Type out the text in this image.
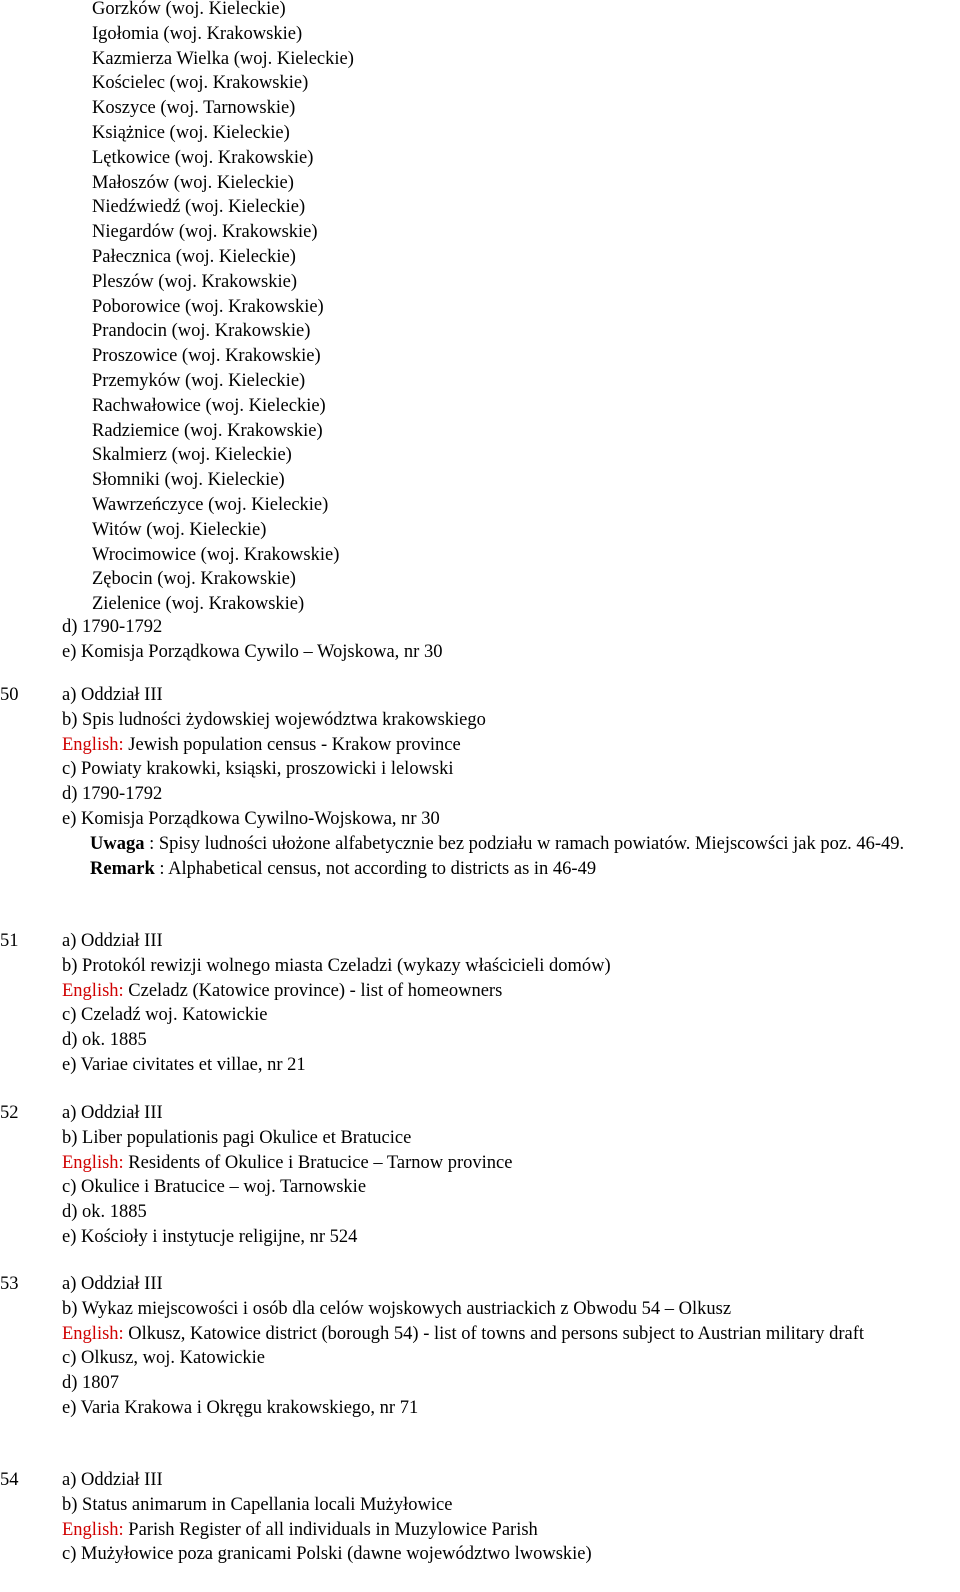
Gorzków (woj. Kieleckie)
Igołomia (woj. Krakowskie)
Kazmierza Wielka (woj. Kieleckie)
Kościelec (woj. Krakowskie)
Koszyce (woj. Tarnowskie)
Książnice (woj. Kieleckie)
Lętkowice (woj. Krakowskie)
Małoszów (woj. Kieleckie)
Niedźwiedź (woj. Kieleckie)
Niegardów (woj. Krakowskie)
Pałecznica (woj. Kieleckie)
Pleszów (woj. Krakowskie)
Poborowice (woj. Krakowskie)
Prandocin (woj. Krakowskie)
Proszowice (woj. Krakowskie)
Przemyków (woj. Kieleckie)
Rachwałowice (woj. Kieleckie)
Radziemice (woj. Krakowskie)
Skalmierz (woj. Kieleckie)
Słomniki (woj. Kieleckie)
Wawrzeńczyce (woj. Kieleckie)
Witów (woj. Kieleckie)
Wrocimowice (woj. Krakowskie)
Zębocin (woj. Krakowskie)
Zielenice (woj. Krakowskie)
d) 1790-1792
e) Komisja Porządkowa Cywilo – Wojskowa, nr 30
50 a) Oddział III
b) Spis ludności żydowskiej województwa krakowskiego
English: Jewish population census - Krakow province
c) Powiaty krakowki, ksiąski, proszowicki i lelowski
d) 1790-1792
e) Komisja Porządkowa Cywilno-Wojskowa, nr 30
Uwaga : Spisy ludności ułożone alfabetycznie bez podziału w ramach powiatów. Miejscowści jak poz. 46-49.
Remark : Alphabetical census, not according to districts as in 46-49
51 a) Oddział III
b) Protokól rewizji wolnego miasta Czeladzi (wykazy właścicieli domów)
English: Czeladz (Katowice province) - list of homeowners
c) Czeladź woj. Katowickie
d) ok. 1885
e) Variae civitates et villae, nr 21
52 a) Oddział III
b) Liber populationis pagi Okulice et Bratucice
English: Residents of Okulice i Bratucice – Tarnow province
c) Okulice i Bratucice – woj. Tarnowskie
d) ok. 1885
e) Kościoły i instytucje religijne, nr 524
53 a) Oddział III
b) Wykaz miejscowości i osób dla celów wojskowych austriackich z Obwodu 54 – Olkusz
English: Olkusz, Katowice district (borough 54) - list of towns and persons subject to Austrian military draft
c) Olkusz, woj. Katowickie
d) 1807
e) Varia Krakowa i Okręgu krakowskiego, nr 71
54 a) Oddział III
b) Status animarum in Capellania locali Mużyłowice
English: Parish Register of all individuals in Muzylowice Parish
c) Mużyłowice poza granicami Polski (dawne województwo lwowskie)
